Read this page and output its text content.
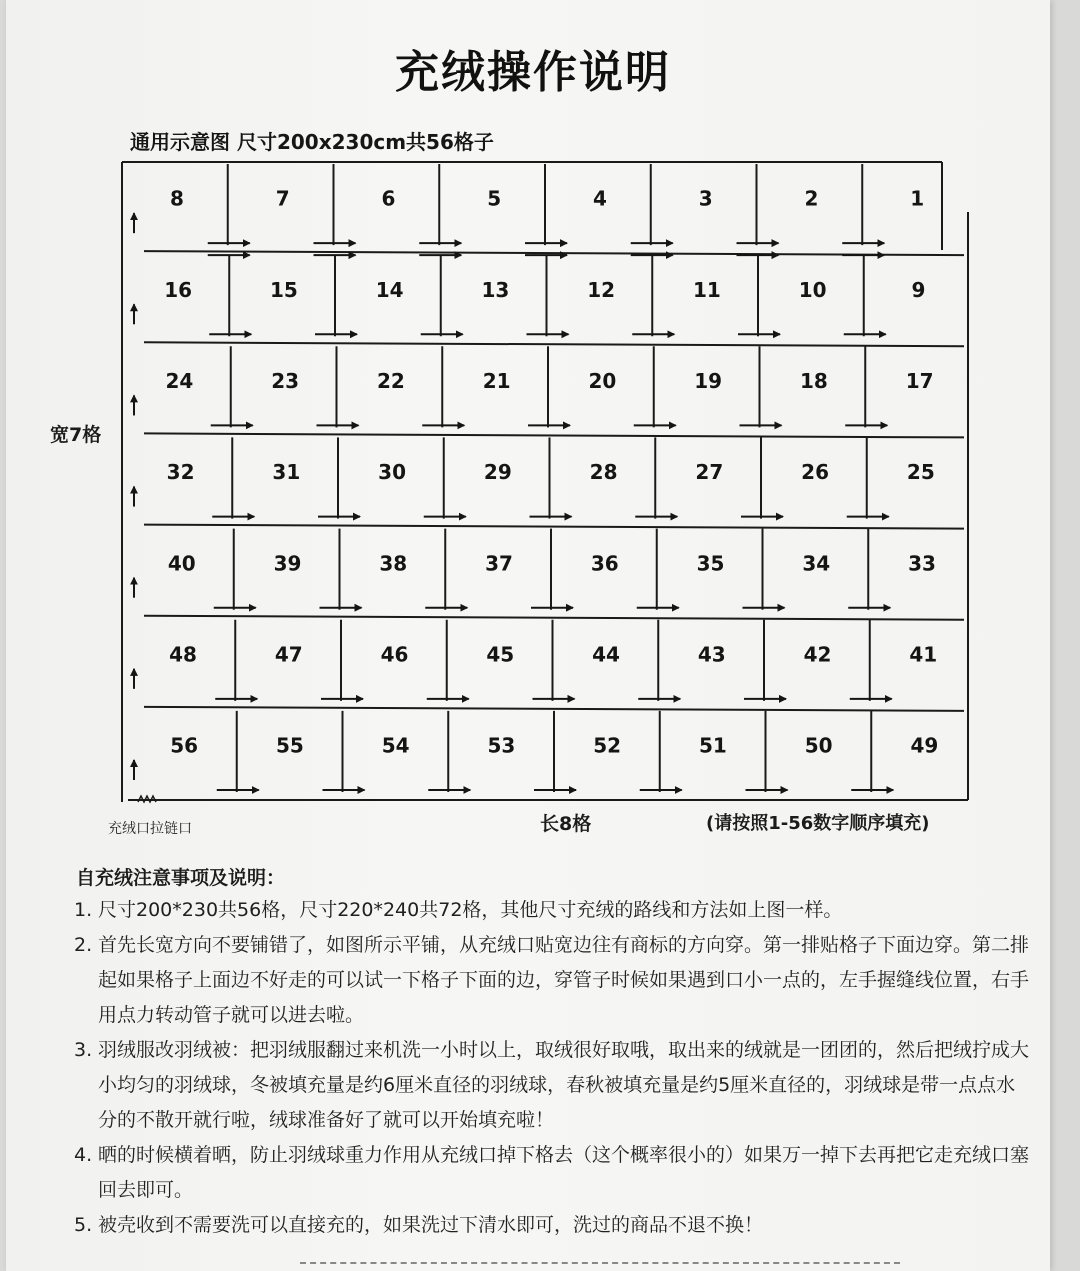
充绒操作说明
通用示意图 尺寸200x230cm共56格子
8	7	6	5	4	3	2	1
16	15	14	13	12	11	10	9
24	23	22	21	20	19	18	17
32	31	30	29	28	27	26	25
40	39	38	37	36	35	34	33
48	47	46	45	44	43	42	41
56	55	54	53	52	51	50	49
宽7格
长8格	(请按照1-56数字顺序填充)
充绒口拉链口
自充绒注意事项及说明：
1. 尺寸200*230共56格，尺寸220*240共72格，其他尺寸充绒的路线和方法如上图一样。
2. 首先长宽方向不要铺错了，如图所示平铺，从充绒口贴宽边往有商标的方向穿。第一排贴格子下面边穿。第二排起如果格子上面边不好走的可以试一下格子下面的边，穿管子时候如果遇到口小一点的，左手握缝线位置，右手用点力转动管子就可以进去啦。
3. 羽绒服改羽绒被：把羽绒服翻过来机洗一小时以上，取绒很好取哦，取出来的绒就是一团团的，然后把绒拧成大小均匀的羽绒球，冬被填充量是约6厘米直径的羽绒球，春秋被填充量是约5厘米直径的，羽绒球是带一点点水分的不散开就行啦，绒球准备好了就可以开始填充啦！
4. 晒的时候横着晒，防止羽绒球重力作用从充绒口掉下格去（这个概率很小的）如果万一掉下去再把它走充绒口塞回去即可。
5. 被壳收到不需要洗可以直接充的，如果洗过下清水即可，洗过的商品不退不换！
